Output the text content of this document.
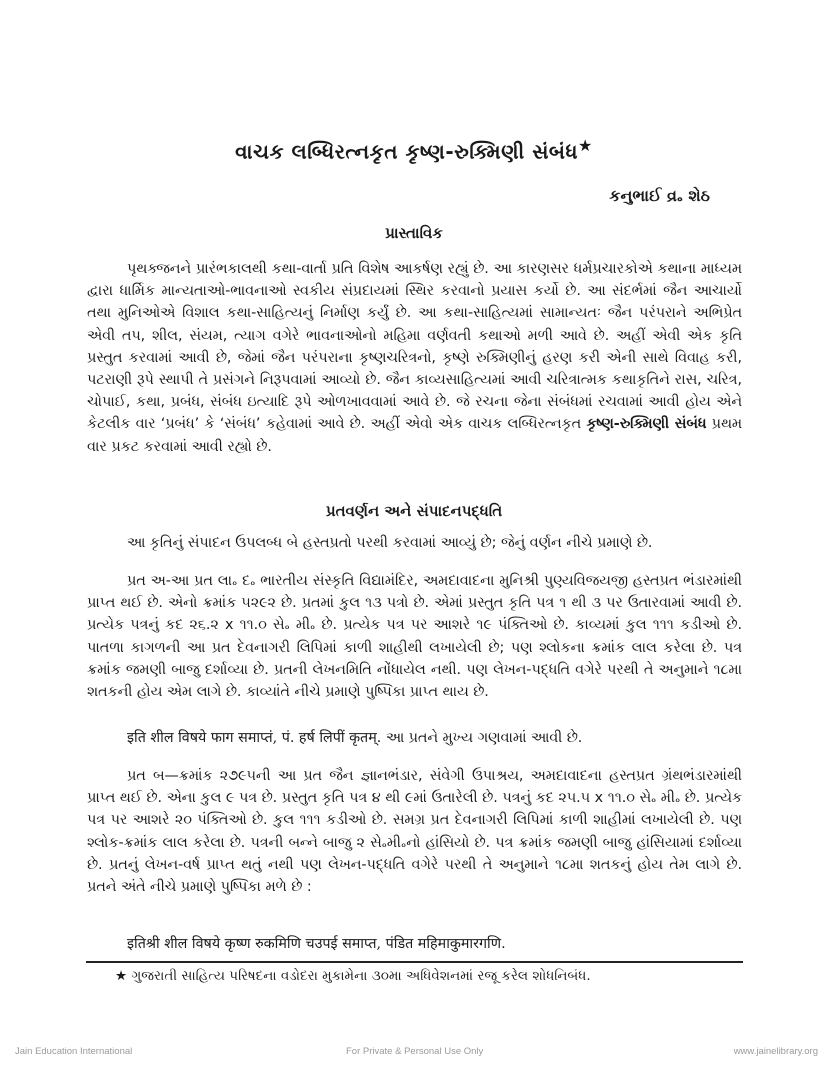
વાચક લબ્ધિરત્નકૃત કૃષ્ણ-રુક્મિણી સંબંધ★
કનુભાઈ વ્ર૰ શેઠ
પ્રાસ્તાવિક

પૃથક્જનને પ્રારંભકાલથી કથા-વાર્તા પ્રતિ વિશેષ આકર્ષણ રહ્યું છે. આ કારણસર ધર્મપ્રચારકોએ કથાના માધ્યમ દ્વારા ધાર્મિક માન્યતાઓ-ભાવનાઓ સ્વકીય સંપ્રદાયમાં સ્થિર કરવાનો પ્રયાસ કર્યો છે. આ સંદર્ભમાં જૈન આચાર્યો તથા મુનિઓએ વિશાલ કથા-સાહિત્યનું નિર્માણ કર્યું છે. આ કથા-સાહિત્યમાં સામાન્યતઃ જૈન પરંપરાને અભિપ્રેત એવી તપ, શીલ, સંયમ, ત્યાગ વગેરે ભાવનાઓનો મહિમા વર્ણવતી કથાઓ મળી આવે છે. અહીં એવી એક કૃતિ પ્રસ્તુત કરવામાં આવી છે, જેમાં જૈન પરંપરાના કૃષ્ણચરિત્રનો, કૃષ્ણે રુક્મિણીનું હરણ કરી એની સાથે વિવાહ કરી, પટરાણી રૂપે સ્થાપી તે પ્રસંગને નિરૂપવામાં આવ્યો છે. જૈન કાવ્યસાહિત્યમાં આવી ચરિત્રાત્મક કથાકૃતિને રાસ, ચરિત્ર, ચોપાઈ, કથા, પ્રબંધ, સંબંધ ઇત્યાદિ રૂપે ઓળખાવવામાં આવે છે. જે રચના જેના સંબંધમાં રચવામાં આવી હોય એને કેટલીક વાર ‘પ્રબંધ’ કે ‘સંબંધ’ કહેવામાં આવે છે. અહીં એવો એક વાચક લબ્ધિરત્નકૃત કૃષ્ણ-રુક્મિણી સંબંધ પ્રથમ વાર પ્રકટ કરવામાં આવી રહ્યો છે.

પ્રતવર્ણન અને સંપાદનપદ્ધતિ

આ કૃતિનું સંપાદન ઉપલબ્ધ બે હસ્તપ્રતો પરથી કરવામાં આવ્યું છે; જેનું વર્ણન નીચે પ્રમાણે છે.

પ્રત અ-આ પ્રત લા૰ દ૰ ભારતીય સંસ્કૃતિ વિદ્યામંદિર, અમદાવાદના મુનિશ્રી પુણ્યવિજયજી હસ્તપ્રત ભંડારમાંથી પ્રાપ્ત થઈ છે. એનો ક્રમાંક ૫૨૯૨ છે. પ્રતમાં કુલ ૧૩ પત્રો છે. એમાં પ્રસ્તુત કૃતિ પત્ર ૧ થી ૩ પર ઉતારવામાં આવી છે. પ્રત્યેક પત્રનું કદ ૨૬.૨ x ૧૧.૦ સે૰ મી૰ છે. પ્રત્યેક પત્ર પર આશરે ૧૯ પંક્તિઓ છે. કાવ્યમાં કુલ ૧૧૧ કડીઓ છે. પાતળા કાગળની આ પ્રત દેવનાગરી લિપિમાં કાળી શાહીથી લખાયેલી છે; પણ શ્લોકના ક્રમાંક લાલ કરેલા છે. પત્ર ક્રમાંક જમણી બાજુ દર્શાવ્યા છે. પ્રતની લેખનમિતિ નોંધાયેલ નથી. પણ લેખન-પદ્ધતિ વગેરે પરથી તે અનુમાને ૧૮મા શતકની હોય એમ લાગે છે. કાવ્યાંતે નીચે પ્રમાણે પુષ્પિકા પ્રાપ્ત થાય છે.

इति शील विषये फाग समाप्तं, पं. हर्ष लिपीं कृतम्. આ પ્રતને મુખ્ય ગણવામાં આવી છે.

પ્રત બ—ક્રમાંક ૨૭૯૫ની આ પ્રત જૈન જ્ઞાનભંડાર, સંવેગી ઉપાશ્રય, અમદાવાદના હસ્તપ્રત ગ્રંથભંડારમાંથી પ્રાપ્ત થઈ છે. એના કુલ ૯ પત્ર છે. પ્રસ્તુત કૃતિ પત્ર ૪ થી ૯માં ઉતારેલી છે. પત્રનું કદ ૨૫.૫ x ૧૧.૦ સે૰ મી૰ છે. પ્રત્યેક પત્ર પર આશરે ૨૦ પંક્તિઓ છે. કુલ ૧૧૧ કડીઓ છે. સમગ્ર પ્રત દેવનાગરી લિપિમાં કાળી શાહીમાં લખાયેલી છે. પણ શ્લોક-ક્રમાંક લાલ કરેલા છે. પત્રની બન્ને બાજુ ૨ સે૰મી૰નો હાંસિયો છે. પત્ર ક્રમાંક જમણી બાજુ હાંસિયામાં દર્શાવ્યા છે. પ્રતનું લેખન-વર્ષ પ્રાપ્ત થતું નથી પણ લેખન-પદ્ધતિ વગેરે પરથી તે અનુમાને ૧૮મા શતકનું હોય તેમ લાગે છે. પ્રતને અંતે નીચે પ્રમાણે પુષ્પિકા મળે છે :

इतिश्री शील विषये कृष्ण रुकमिणि चउपई समाप्त, पंडित महिमाकुमारगणि.

★ ગુજરાતી સાહિત્ય પરિષદના વડોદરા મુકામેના ૩૦મા અધિવેશનમાં રજૂ કરેલ શોધનિબંધ.
Jain Education International	For Private & Personal Use Only	www.jainelibrary.org
